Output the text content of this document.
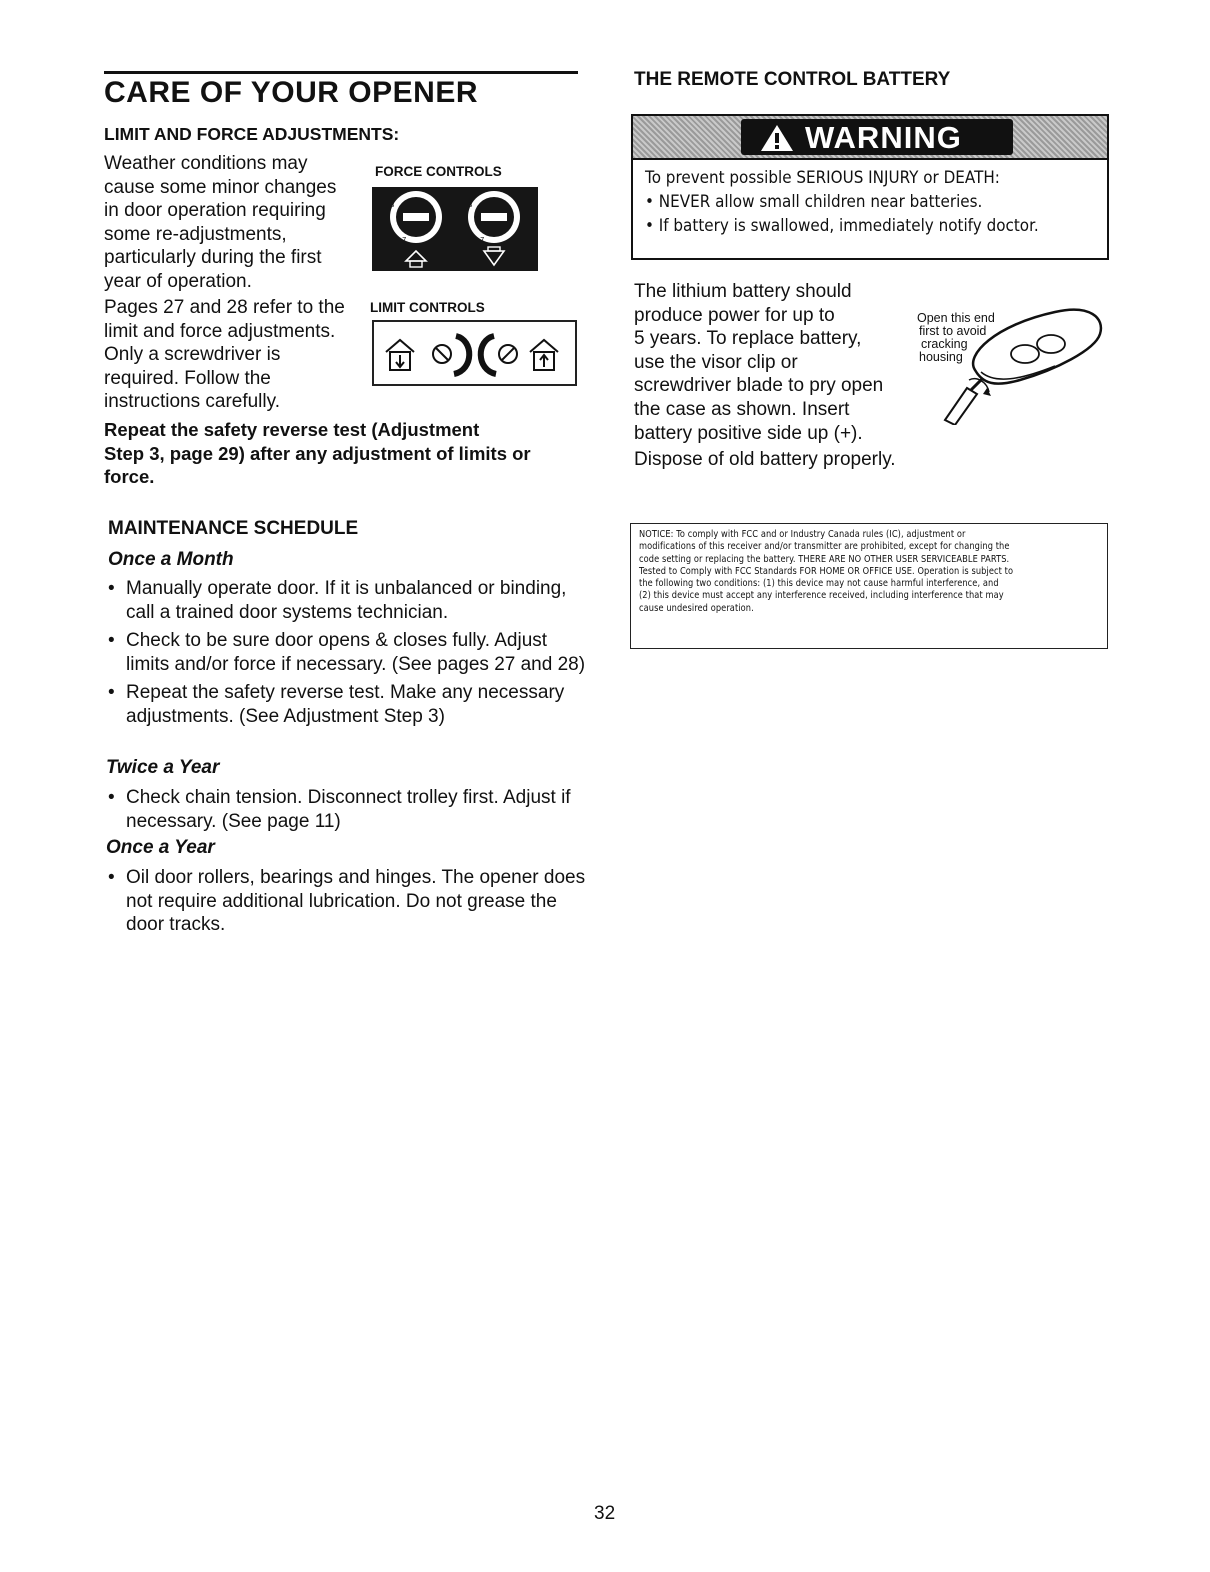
CARE OF YOUR OPENER
LIMIT AND FORCE ADJUSTMENTS:
Weather conditions may
cause some minor changes
in door operation requiring
some re-adjustments,
particularly during the first
year of operation.
FORCE CONTROLS
8
7
8
7
Pages 27 and 28 refer to the
limit and force adjustments.
Only a screwdriver is
required. Follow the
instructions carefully.
LIMIT CONTROLS
Repeat the safety reverse test (Adjustment
Step 3, page 29) after any adjustment of limits or
force.
MAINTENANCE SCHEDULE
Once a Month
• Manually operate door. If it is unbalanced or binding, call a trained door systems technician.
• Check to be sure door opens & closes fully. Adjust limits and/or force if necessary. (See pages 27 and 28)
• Repeat the safety reverse test. Make any necessary adjustments. (See Adjustment Step 3)
Twice a Year
• Check chain tension. Disconnect trolley first. Adjust if necessary. (See page 11)
Once a Year
• Oil door rollers, bearings and hinges. The opener does not require additional lubrication. Do not grease the door tracks.
THE REMOTE CONTROL BATTERY
WARNING
To prevent possible SERIOUS INJURY or DEATH:
• NEVER allow small children near batteries.
• If battery is swallowed, immediately notify doctor.
The lithium battery should
produce power for up to
5 years. To replace battery,
use the visor clip or
screwdriver blade to pry open
the case as shown. Insert
battery positive side up (+).
Dispose of old battery properly.
Open this end
first to avoid
cracking
housing
NOTICE: To comply with FCC and or Industry Canada rules (IC), adjustment or
modifications of this receiver and/or transmitter are prohibited, except for changing the
code setting or replacing the battery. THERE ARE NO OTHER USER SERVICEABLE PARTS.
Tested to Comply with FCC Standards FOR HOME OR OFFICE USE. Operation is subject to
the following two conditions: (1) this device may not cause harmful interference, and
(2) this device must accept any interference received, including interference that may
cause undesired operation.
32
